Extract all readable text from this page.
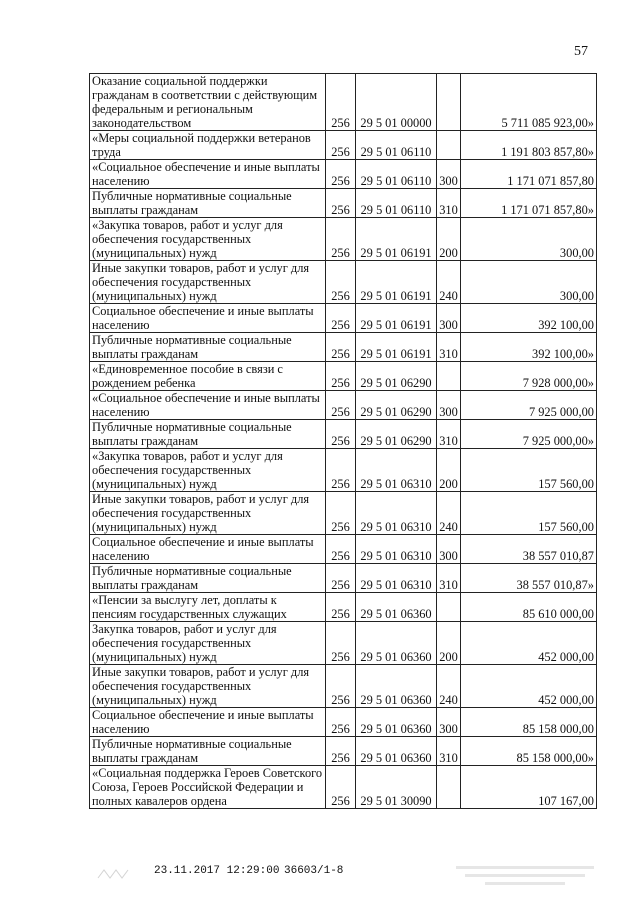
57
Оказание социальной поддержки гражданам в соответствии с действующим федеральным и региональным законодательством	256	29 5 01 00000		5 711 085 923,00»
«Меры социальной поддержки ветеранов труда	256	29 5 01 06110		1 191 803 857,80»
«Социальное обеспечение и иные выплаты населению	256	29 5 01 06110	300	1 171 071 857,80
Публичные нормативные социальные выплаты гражданам	256	29 5 01 06110	310	1 171 071 857,80»
«Закупка товаров, работ и услуг для обеспечения государственных (муниципальных) нужд	256	29 5 01 06191	200	300,00
Иные закупки товаров, работ и услуг для обеспечения государственных (муниципальных) нужд	256	29 5 01 06191	240	300,00
Социальное обеспечение и иные выплаты населению	256	29 5 01 06191	300	392 100,00
Публичные нормативные социальные выплаты гражданам	256	29 5 01 06191	310	392 100,00»
«Единовременное пособие в связи с рождением ребенка	256	29 5 01 06290		7 928 000,00»
«Социальное обеспечение и иные выплаты населению	256	29 5 01 06290	300	7 925 000,00
Публичные нормативные социальные выплаты гражданам	256	29 5 01 06290	310	7 925 000,00»
«Закупка товаров, работ и услуг для обеспечения государственных (муниципальных) нужд	256	29 5 01 06310	200	157 560,00
Иные закупки товаров, работ и услуг для обеспечения государственных (муниципальных) нужд	256	29 5 01 06310	240	157 560,00
Социальное обеспечение и иные выплаты населению	256	29 5 01 06310	300	38 557 010,87
Публичные нормативные социальные выплаты гражданам	256	29 5 01 06310	310	38 557 010,87»
«Пенсии за выслугу лет, доплаты к пенсиям государственных служащих	256	29 5 01 06360		85 610 000,00
Закупка товаров, работ и услуг для обеспечения государственных (муниципальных) нужд	256	29 5 01 06360	200	452 000,00
Иные закупки товаров, работ и услуг для обеспечения государственных (муниципальных) нужд	256	29 5 01 06360	240	452 000,00
Социальное обеспечение и иные выплаты населению	256	29 5 01 06360	300	85 158 000,00
Публичные нормативные социальные выплаты гражданам	256	29 5 01 06360	310	85 158 000,00»
«Социальная поддержка Героев Советского Союза, Героев Российской Федерации и полных кавалеров ордена	256	29 5 01 30090		107 167,00
23.11.2017 12:29:00 36603/1-8
